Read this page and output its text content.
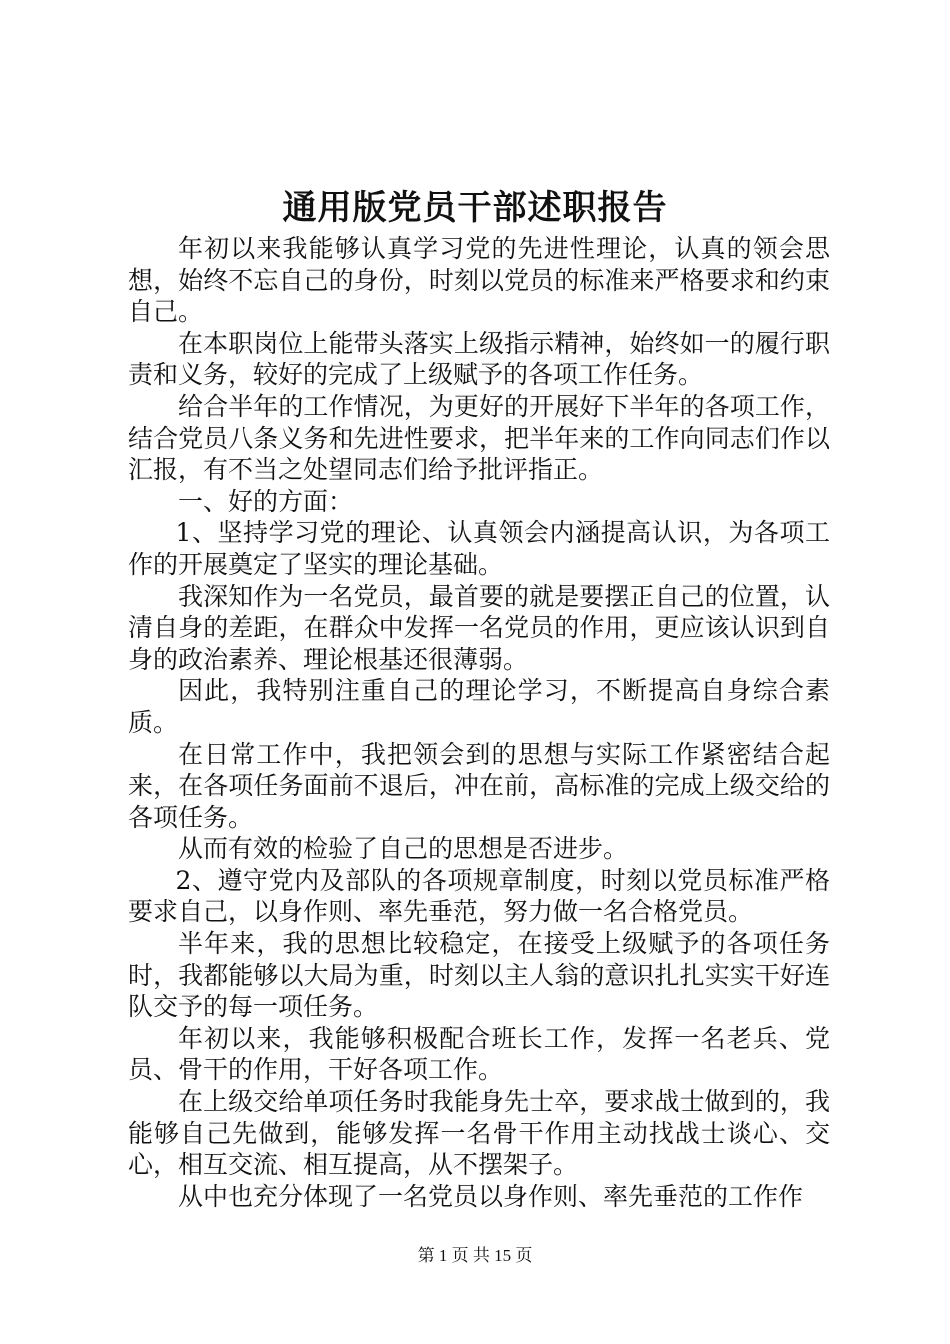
通用版党员干部述职报告

年初以来我能够认真学习党的先进性理论，认真的领会思想，始终不忘自己的身份，时刻以党员的标准来严格要求和约束自己。

在本职岗位上能带头落实上级指示精神，始终如一的履行职责和义务，较好的完成了上级赋予的各项工作任务。

给合半年的工作情况，为更好的开展好下半年的各项工作，结合党员八条义务和先进性要求，把半年来的工作向同志们作以汇报，有不当之处望同志们给予批评指正。

一、好的方面：

1、坚持学习党的理论、认真领会内涵提高认识，为各项工作的开展奠定了坚实的理论基础。

我深知作为一名党员，最首要的就是要摆正自己的位置，认清自身的差距，在群众中发挥一名党员的作用，更应该认识到自身的政治素养、理论根基还很薄弱。

因此，我特别注重自己的理论学习，不断提高自身综合素质。

在日常工作中，我把领会到的思想与实际工作紧密结合起来，在各项任务面前不退后，冲在前，高标准的完成上级交给的各项任务。

从而有效的检验了自己的思想是否进步。

2、遵守党内及部队的各项规章制度，时刻以党员标准严格要求自己，以身作则、率先垂范，努力做一名合格党员。

半年来，我的思想比较稳定，在接受上级赋予的各项任务时，我都能够以大局为重，时刻以主人翁的意识扎扎实实干好连队交予的每一项任务。

年初以来，我能够积极配合班长工作，发挥一名老兵、党员、骨干的作用，干好各项工作。

在上级交给单项任务时我能身先士卒，要求战士做到的，我能够自己先做到，能够发挥一名骨干作用主动找战士谈心、交心，相互交流、相互提高，从不摆架子。

从中也充分体现了一名党员以身作则、率先垂范的工作作

第 1 页 共 15 页
